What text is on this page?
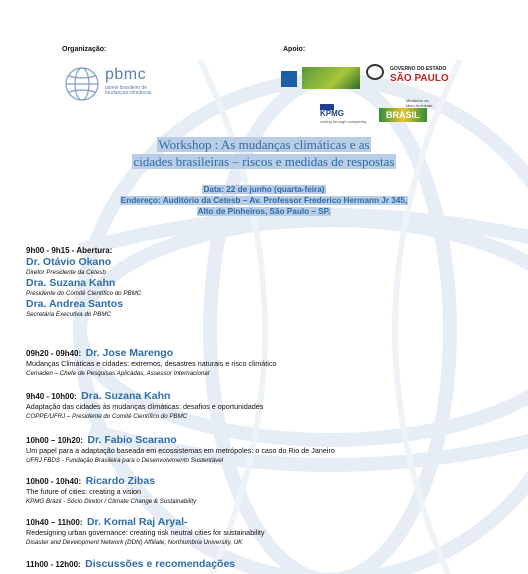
Organização:	Apoio:
pbmc
painel brasileiro de mudanças climáticas
GOVERNO DO ESTADO
SÃO PAULO
KPMG
cutting through complexity
Ministério do Meio Ambiente
BRASIL
Workshop : As mudanças climáticas e as
cidades brasileiras – riscos e medidas de respostas
Data: 22 de junho (quarta-feira)
Endereço: Auditório da Cetesb – Av. Professor Frederico Hermann Jr 345,
Alto de Pinheiros, São Paulo – SP.
9h00 - 9h15 - Abertura:
Dr. Otávio Okano
Diretor Presidente da Cetesb
Dra. Suzana Kahn
Presidente do Comitê Científico do PBMC
Dra. Andrea Santos
Secretária Executiva do PBMC
09h20 - 09h40: Dr. Jose Marengo
Mudanças Climáticas e cidades: extremos, desastres naturais e risco climático
Cemaden – Chefe de Pesquisas Aplicadas, Assessor Internacional
9h40 - 10h00: Dra. Suzana Kahn
Adaptação das cidades às mudanças climáticas: desafios e oportunidades
COPPE/UFRJ – Presidente do Comitê Científico do PBMC
10h00 – 10h20: Dr. Fabio Scarano
Um papel para a adaptação baseada em ecossistemas em metrópoles: o caso do Rio de Janeiro
UFRJ FBDS - Fundação Brasileira para o Desenvolvimento Sustentável
10h00 - 10h40: Ricardo Zibas
The future of cities: creating a vision
KPMG Brazil - Sócio Diretor / Climate Change & Sustainability
10h40 – 11h00: Dr. Komal Raj Aryal-
Redesigning urban governance: creating risk neutral cities for sustainability
Disaster and Development Network (DDN) Affiliate, Northumbria University, UK
11h00 - 12h00: Discussões e recomendações
